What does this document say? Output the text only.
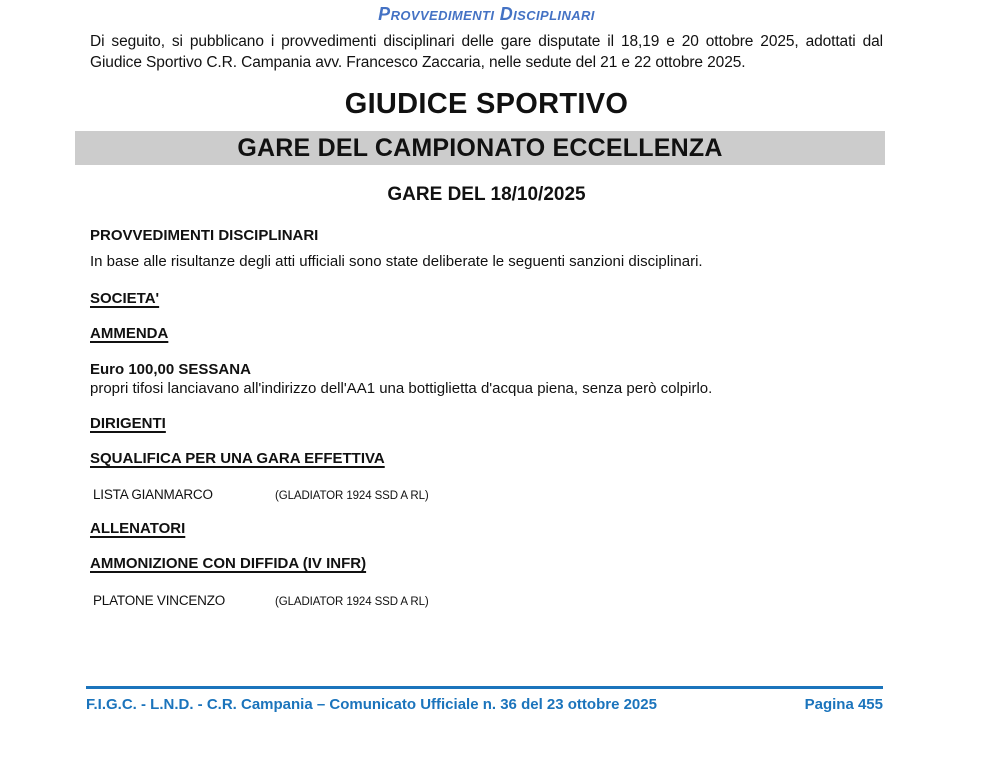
Provvedimenti Disciplinari

Di seguito, si pubblicano i provvedimenti disciplinari delle gare disputate il 18,19 e 20 ottobre 2025, adottati dal Giudice Sportivo C.R. Campania avv. Francesco Zaccaria, nelle sedute del 21 e 22 ottobre 2025.

GIUDICE SPORTIVO
GARE DEL CAMPIONATO ECCELLENZA
GARE DEL 18/10/2025
PROVVEDIMENTI DISCIPLINARI
In base alle risultanze degli atti ufficiali sono state deliberate le seguenti sanzioni disciplinari.
SOCIETA'
AMMENDA
Euro 100,00 SESSANA
propri tifosi lanciavano all'indirizzo dell'AA1 una bottiglietta d'acqua piena, senza però colpirlo.
DIRIGENTI
SQUALIFICA PER UNA GARA EFFETTIVA
LISTA GIANMARCO	(GLADIATOR 1924 SSD A RL)
ALLENATORI
AMMONIZIONE CON DIFFIDA (IV INFR)
PLATONE VINCENZO	(GLADIATOR 1924 SSD A RL)
F.I.G.C. - L.N.D. - C.R. Campania – Comunicato Ufficiale n. 36 del 23 ottobre 2025	Pagina 455
